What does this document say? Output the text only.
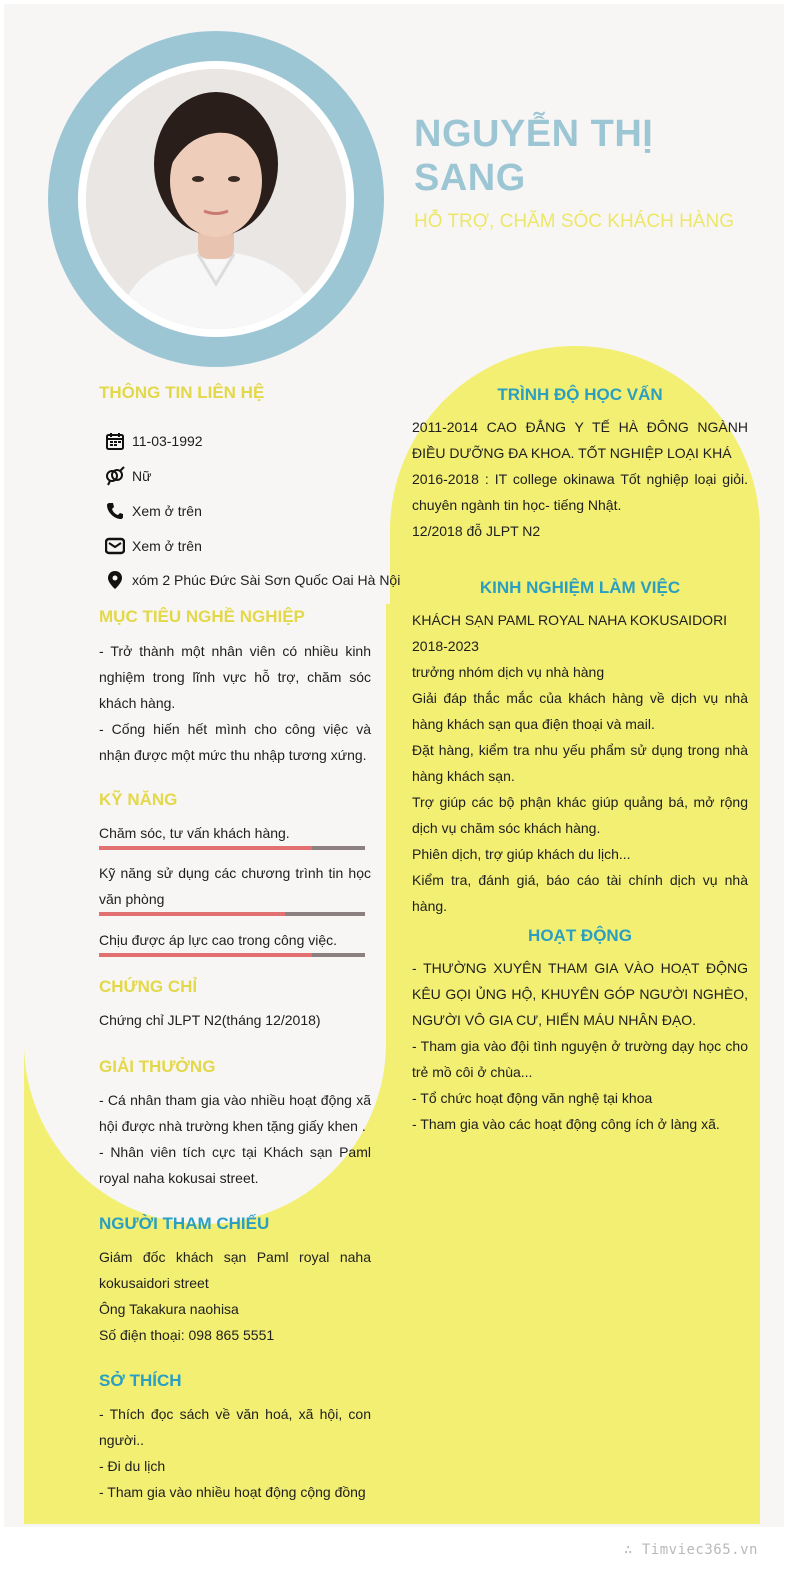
NGUYỄN THỊ SANG
HỖ TRỢ, CHĂM SÓC KHÁCH HÀNG
THÔNG TIN LIÊN HỆ
11-03-1992
Nữ
Xem ở trên
Xem ở trên
xóm 2 Phúc Đức Sài Sơn Quốc Oai Hà Nội
MỤC TIÊU NGHỀ NGHIỆP
- Trở thành một nhân viên có nhiều kinh nghiệm trong lĩnh vực hỗ trợ, chăm sóc khách hàng.
- Cống hiến hết mình cho công việc và nhận được một mức thu nhập tương xứng.
KỸ NĂNG
Chăm sóc, tư vấn khách hàng.
Kỹ năng sử dụng các chương trình tin học văn phòng
Chịu được áp lực cao trong công việc.
CHỨNG CHỈ
Chứng chỉ JLPT N2(tháng 12/2018)
GIẢI THƯỞNG
- Cá nhân tham gia vào nhiều hoạt động xã hội được nhà trường khen tặng giấy khen .
- Nhân viên tích cực tại Khách sạn Paml royal naha kokusai street.
NGƯỜI THAM CHIẾU
Giám đốc khách sạn Paml royal naha kokusaidori street
Ông Takakura naohisa
Số điện thoại: 098 865 5551
SỞ THÍCH
- Thích đọc sách về văn hoá, xã hội, con người..
- Đi du lịch
- Tham gia vào nhiều hoạt động cộng đồng
TRÌNH ĐỘ HỌC VẤN
2011-2014 CAO ĐẲNG Y TẾ HÀ ĐÔNG NGÀNH ĐIỀU DƯỠNG ĐA KHOA. TỐT NGHIỆP LOẠI KHÁ
2016-2018 : IT college okinawa Tốt nghiệp loại giỏi. chuyên ngành tin học- tiếng Nhật.
12/2018 đỗ JLPT N2
KINH NGHIỆM LÀM VIỆC
KHÁCH SẠN PAML ROYAL NAHA KOKUSAIDORI
2018-2023
trưởng nhóm dịch vụ nhà hàng
Giải đáp thắc mắc của khách hàng về dịch vụ nhà hàng khách sạn qua điện thoại và mail.
Đặt hàng, kiểm tra nhu yếu phẩm sử dụng trong nhà hàng khách sạn.
Trợ giúp các bộ phận khác giúp quảng bá, mở rộng dịch vụ chăm sóc khách hàng.
Phiên dịch, trợ giúp khách du lịch...
Kiểm tra, đánh giá, báo cáo tài chính dịch vụ nhà hàng.
HOẠT ĐỘNG
- THƯỜNG XUYÊN THAM GIA VÀO HOẠT ĐỘNG KÊU GỌI ỦNG HỘ, KHUYÊN GÓP NGƯỜI NGHÈO, NGƯỜI VÔ GIA CƯ, HIẾN MÁU NHÂN ĐẠO.
- Tham gia vào đội tình nguyện ở trường dạy học cho trẻ mồ côi ở chùa...
- Tổ chức hoạt động văn nghệ tại khoa
- Tham gia vào các hoạt động công ích ở làng xã.
∴ Timviec365.vn
